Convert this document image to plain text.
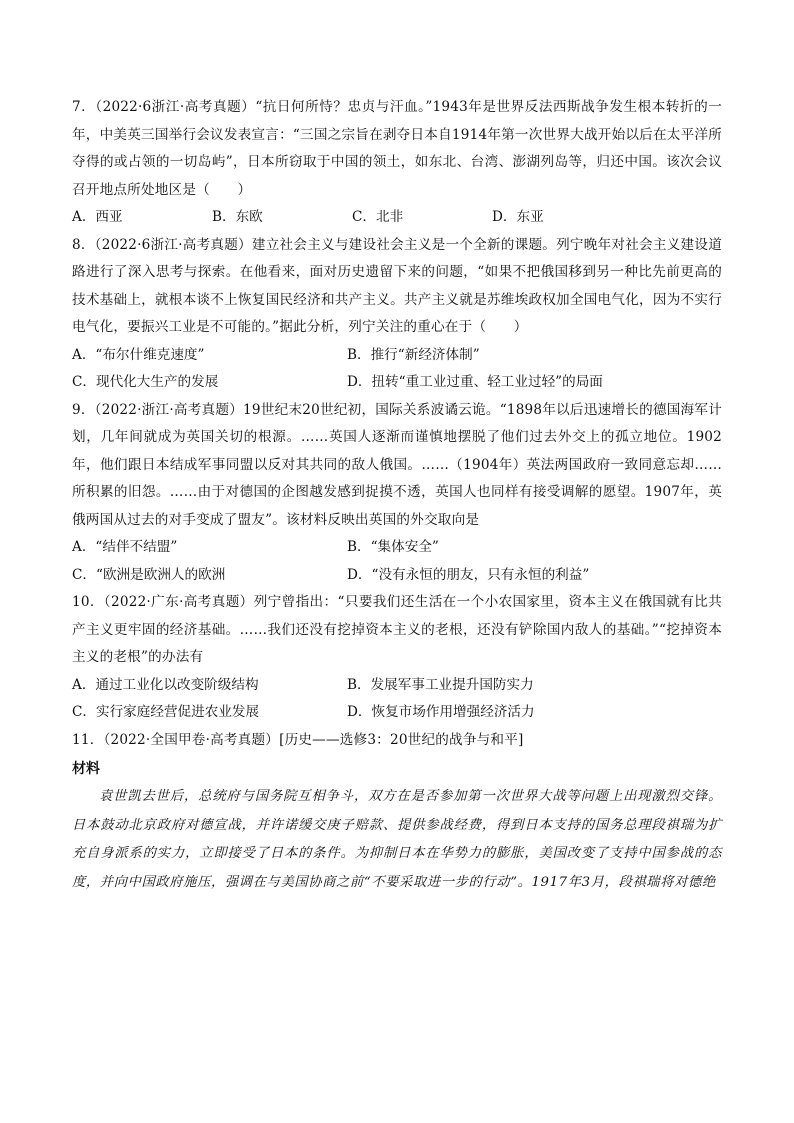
7．（2022·6浙江·高考真题）“抗日何所恃？忠贞与汗血。”1943年是世界反法西斯战争发生根本转折的一年，中美英三国举行会议发表宣言：“三国之宗旨在剥夺日本自1914年第一次世界大战开始以后在太平洋所夺得的或占领的一切岛屿”，日本所窃取于中国的领土，如东北、台湾、澎湖列岛等，归还中国。该次会议召开地点所处地区是（　　）

A．西亚	B．东欧	C．北非	D．东亚

8．（2022·6浙江·高考真题）建立社会主义与建设社会主义是一个全新的课题。列宁晚年对社会主义建设道路进行了深入思考与探索。在他看来，面对历史遗留下来的问题，“如果不把俄国移到另一种比先前更高的技术基础上，就根本谈不上恢复国民经济和共产主义。共产主义就是苏维埃政权加全国电气化，因为不实行电气化，要振兴工业是不可能的。”据此分析，列宁关注的重心在于（　　）

A．“布尔什维克速度”	B．推行“新经济体制”
C．现代化大生产的发展	D．扭转“重工业过重、轻工业过轻”的局面

9．（2022·浙江·高考真题）19世纪末20世纪初，国际关系波谲云诡。“1898年以后迅速增长的德国海军计划，几年间就成为英国关切的根源。……英国人逐渐而谨慎地摆脱了他们过去外交上的孤立地位。1902年，他们跟日本结成军事同盟以反对其共同的敌人俄国。……（1904年）英法两国政府一致同意忘却……所积累的旧怨。……由于对德国的企图越发感到捉摸不透，英国人也同样有接受调解的愿望。1907年，英俄两国从过去的对手变成了盟友”。该材料反映出英国的外交取向是

A．“结伴不结盟”	B．“集体安全”
C．“欧洲是欧洲人的欧洲	D．“没有永恒的朋友，只有永恒的利益”

10．（2022·广东·高考真题）列宁曾指出：“只要我们还生活在一个小农国家里，资本主义在俄国就有比共产主义更牢固的经济基础。……我们还没有挖掉资本主义的老根，还没有铲除国内敌人的基础。”“挖掉资本主义的老根”的办法有

A．通过工业化以改变阶级结构	B．发展军事工业提升国防实力
C．实行家庭经营促进农业发展	D．恢复市场作用增强经济活力

11．（2022·全国甲卷·高考真题）[历史——选修3：20世纪的战争与和平]

材料

袁世凯去世后，总统府与国务院互相争斗，双方在是否参加第一次世界大战等问题上出现激烈交锋。日本鼓动北京政府对德宣战，并许诺缓交庚子赔款、提供参战经费，得到日本支持的国务总理段祺瑞为扩充自身派系的实力，立即接受了日本的条件。为抑制日本在华势力的膨胀，美国改变了支持中国参战的态度，并向中国政府施压，强调在与美国协商之前“不要采取进一步的行动”。1917年3月，段祺瑞将对德绝
